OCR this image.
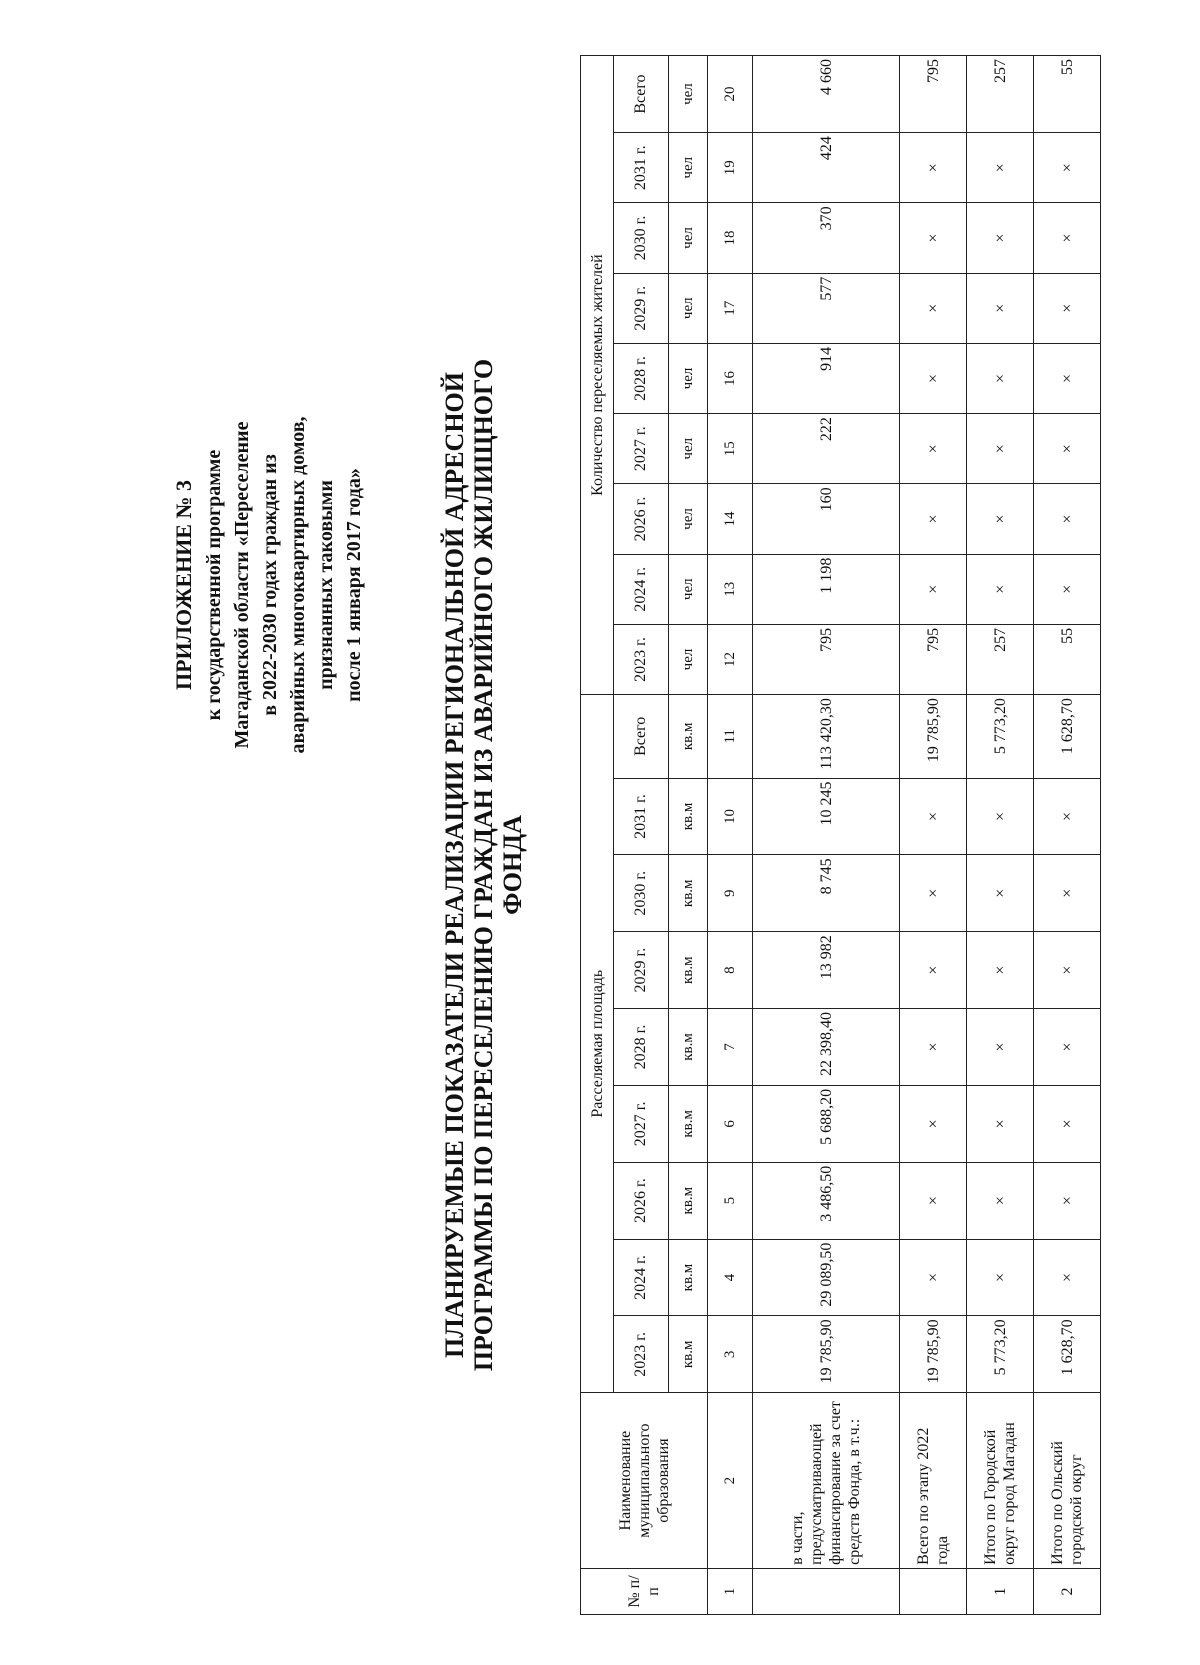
ПРИЛОЖЕНИЕ № 3 к государственной программе Магаданской области «Переселение в 2022-2030 годах граждан из аварийных многоквартирных домов, признанных таковыми после 1 января 2017 года»	ПЛАНИРУЕМЫЕ ПОКАЗАТЕЛИ РЕАЛИЗАЦИИ РЕГИОНАЛЬНОЙ АДРЕСНОЙ ПРОГРАММЫ ПО ПЕРЕСЕЛЕНИЮ ГРАЖДАН ИЗ АВАРИЙНОГО ЖИЛИЩНОГО ФОНДА
№ п/п	Наименование муниципального образования	Расселяемая площадь									Количество переселяемых жителей								
		2023 г.	2024 г.	2026 г.	2027 г.	2028 г.	2029 г.	2030 г.	2031 г.	Всего	2023 г.	2024 г.	2026 г.	2027 г.	2028 г.	2029 г.	2030 г.	2031 г.	Всего
		кв.м	кв.м	кв.м	кв.м	кв.м	кв.м	кв.м	кв.м	кв.м	чел	чел	чел	чел	чел	чел	чел	чел	чел
1	2	3	4	5	6	7	8	9	10	11	12	13	14	15	16	17	18	19	20
	в части, предусматривающей финансирование за счет средств Фонда, в т.ч.:	19 785,90	29 089,50	3 486,50	5 688,20	22 398,40	13 982	8 745	10 245	113 420,30	795	1 198	160	222	914	577	370	424	4 660
	Всего по этапу 2022 года	19 785,90	×	×	×	×	×	×	×	19 785,90	795	×	×	×	×	×	×	×	795
1	Итого по Городской округ город Магадан	5 773,20	×	×	×	×	×	×	×	5 773,20	257	×	×	×	×	×	×	×	257
2	Итого по Ольский городской округ	1 628,70	×	×	×	×	×	×	×	1 628,70	55	×	×	×	×	×	×	×	55
